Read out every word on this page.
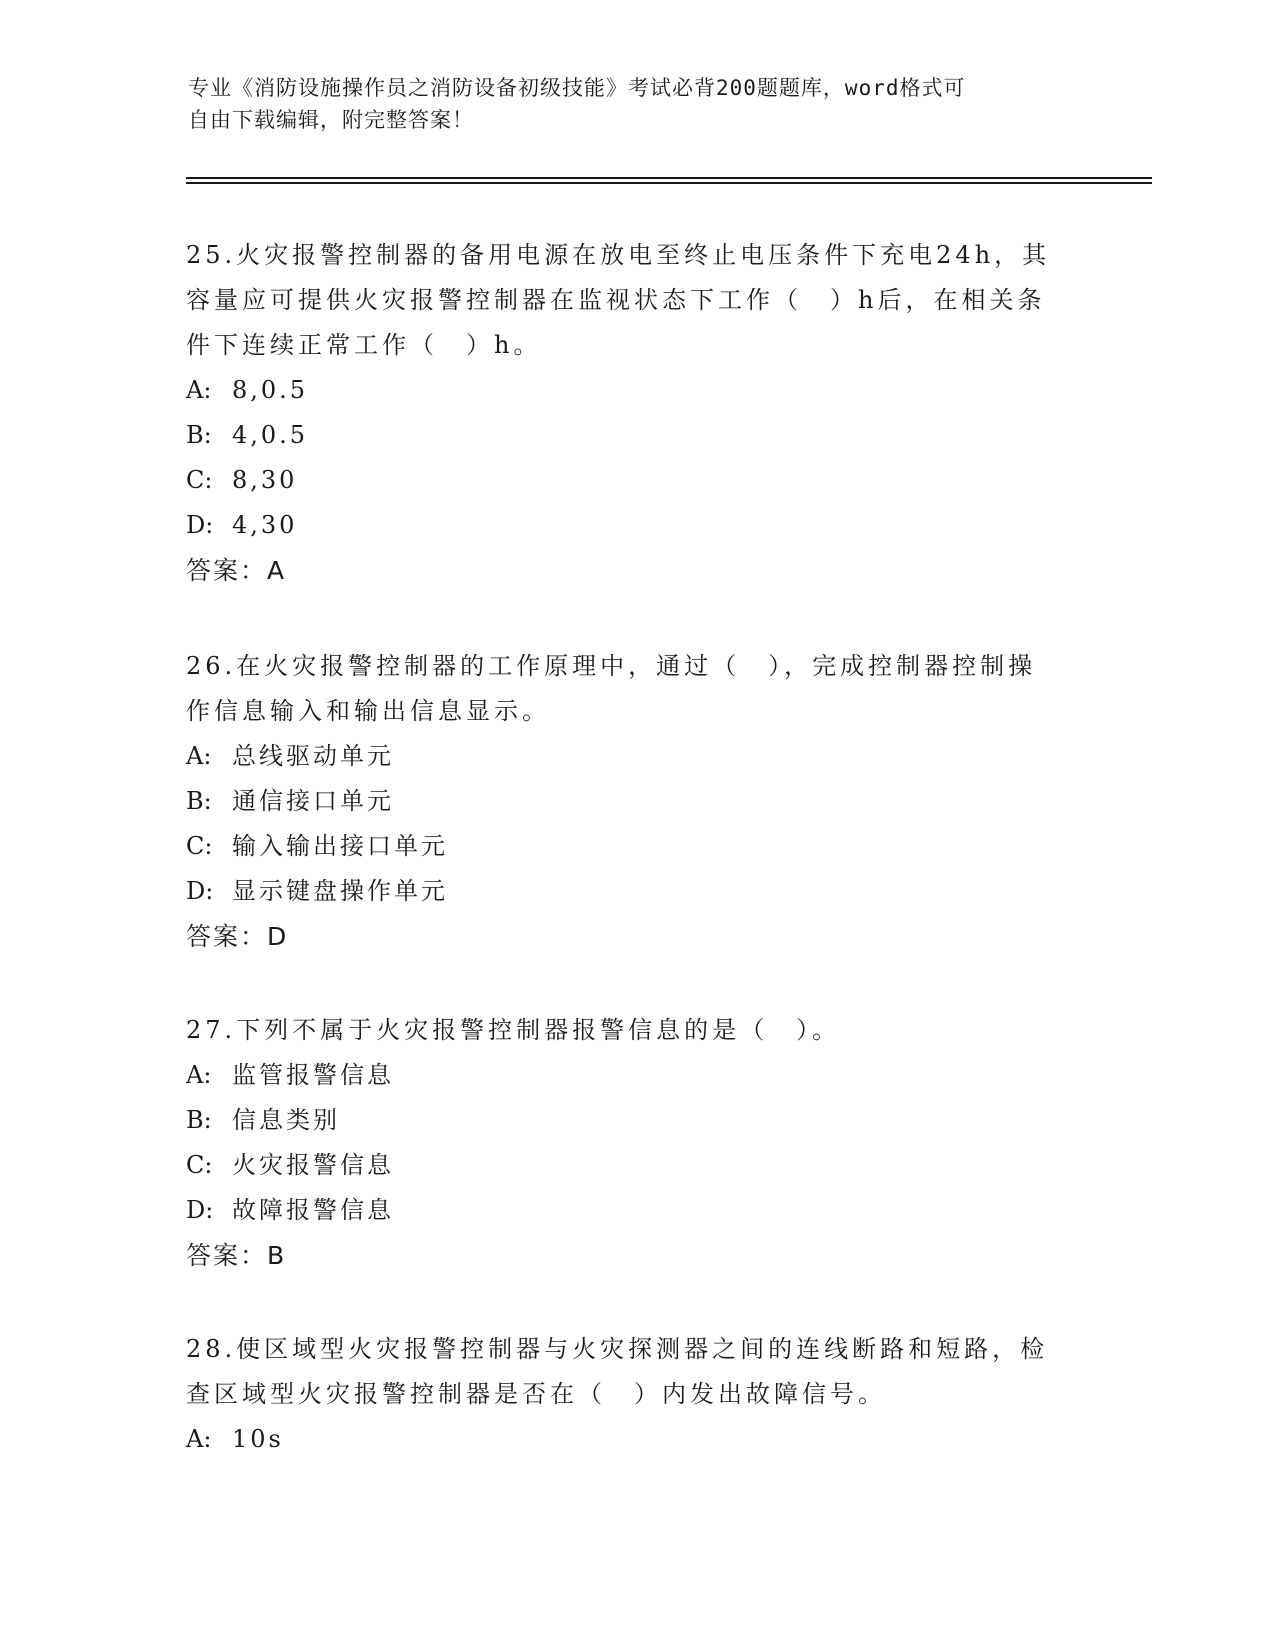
专业《消防设施操作员之消防设备初级技能》考试必背200题题库，word格式可
自由下载编辑，附完整答案！

25.火灾报警控制器的备用电源在放电至终止电压条件下充电24h，其

容量应可提供火灾报警控制器在监视状态下工作（　）h后，在相关条

件下连续正常工作（　）h。

A: 8,0.5

B: 4,0.5

C: 8,30

D: 4,30

答案：A

26.在火灾报警控制器的工作原理中，通过（　），完成控制器控制操

作信息输入和输出信息显示。

A: 总线驱动单元

B: 通信接口单元

C: 输入输出接口单元

D: 显示键盘操作单元

答案：D

27.下列不属于火灾报警控制器报警信息的是（　）。

A: 监管报警信息

B: 信息类别

C: 火灾报警信息

D: 故障报警信息

答案：B

28.使区域型火灾报警控制器与火灾探测器之间的连线断路和短路，检

查区域型火灾报警控制器是否在（　）内发出故障信号。

A: 10s
